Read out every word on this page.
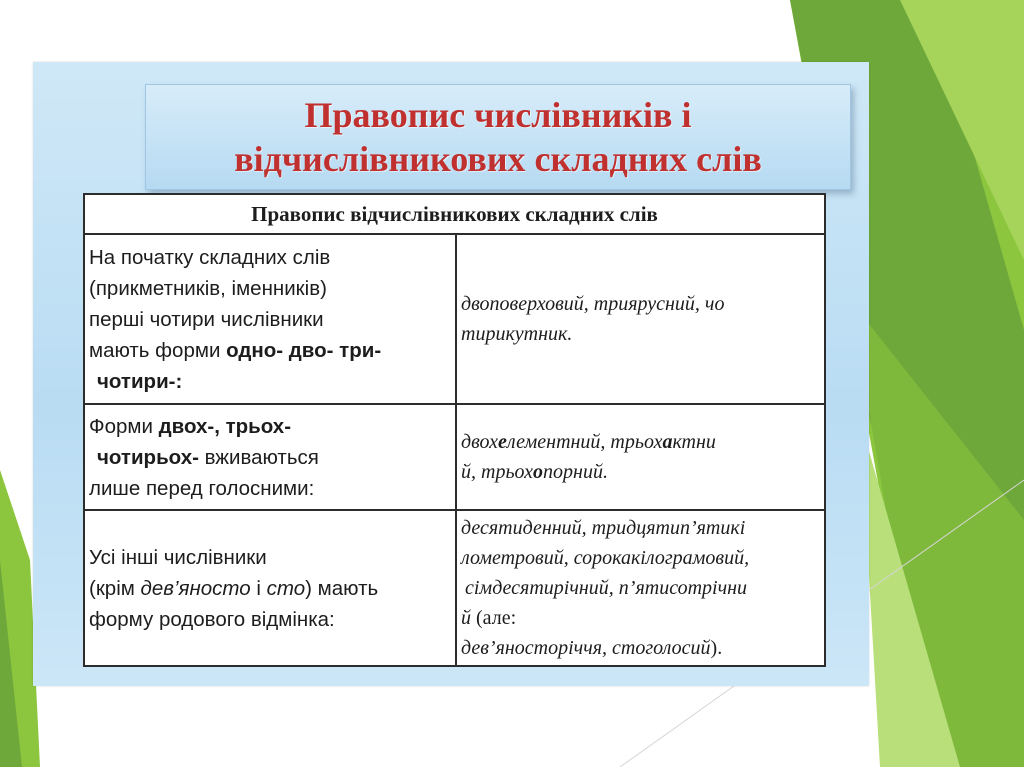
Правопис числівників і
відчислівникових складних слів
Правопис відчислівникових складних слів	

На початку складних слів
(прикметників, іменників)
перші чотири числівники
мають форми одно- дво- три-
чотири-:	двоповерховий, триярусний, чо
тирикутник.

Форми двох-, трьох-
чотирьох- вживаються
лише перед голосними:	двохелементний, трьохактни
й, трьохопорний.

Усі інші числівники
(крім дев’яносто і сто) мають
форму родового відмінка:	десятиденний, тридцятип’ятикі
лометровий, сорокакілограмовий,
сімдесятирічний, п’ятисотрічни
й (але:
дев’яносторіччя, стоголосий).
